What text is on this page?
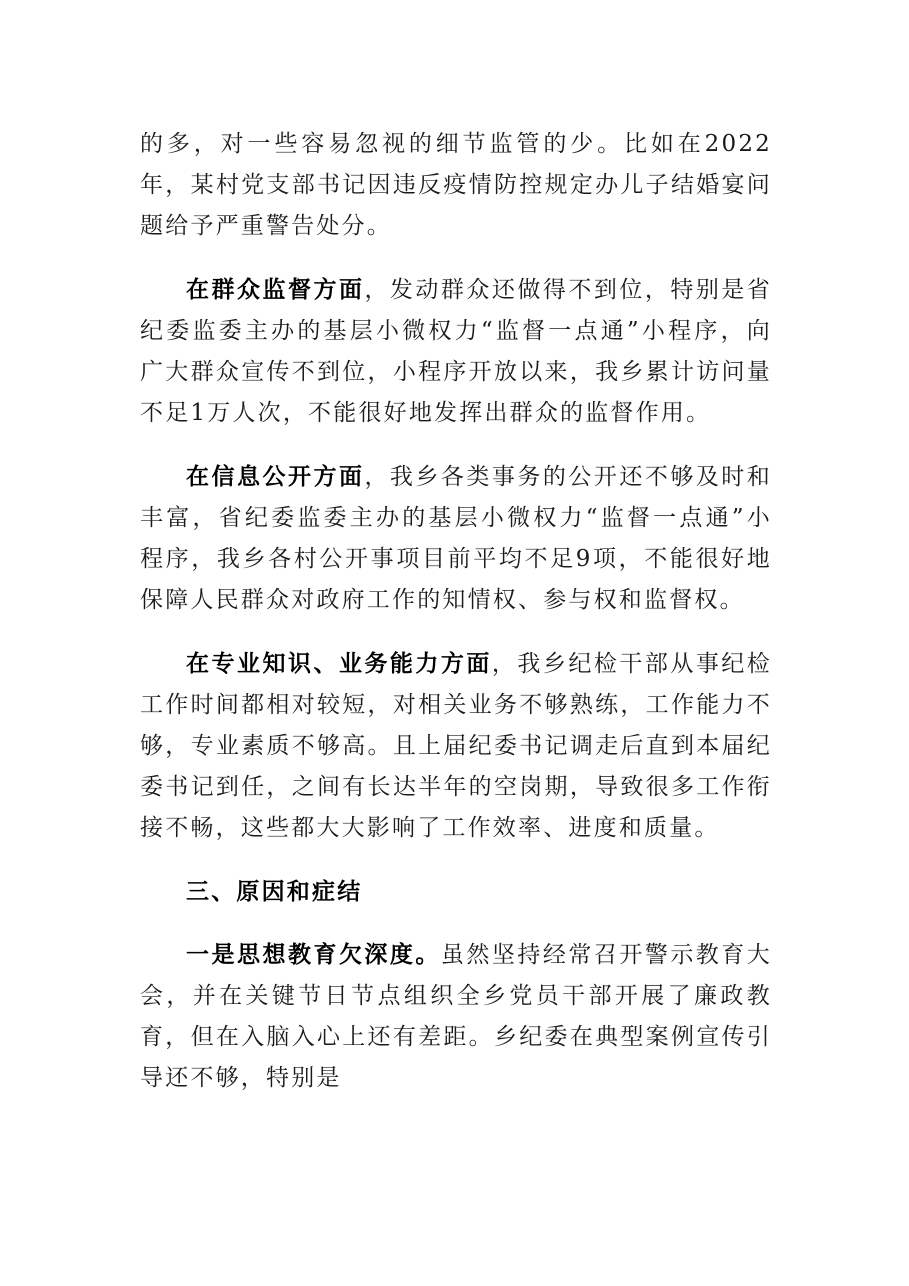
的多，对一些容易忽视的细节监管的少。比如在2022年，某村党支部书记因违反疫情防控规定办儿子结婚宴问题给予严重警告处分。

在群众监督方面，发动群众还做得不到位，特别是省纪委监委主办的基层小微权力“监督一点通”小程序，向广大群众宣传不到位，小程序开放以来，我乡累计访问量不足1万人次，不能很好地发挥出群众的监督作用。

在信息公开方面，我乡各类事务的公开还不够及时和丰富，省纪委监委主办的基层小微权力“监督一点通”小程序，我乡各村公开事项目前平均不足9项，不能很好地保障人民群众对政府工作的知情权、参与权和监督权。

在专业知识、业务能力方面，我乡纪检干部从事纪检工作时间都相对较短，对相关业务不够熟练，工作能力不够，专业素质不够高。且上届纪委书记调走后直到本届纪委书记到任，之间有长达半年的空岗期，导致很多工作衔接不畅，这些都大大影响了工作效率、进度和质量。

三、原因和症结

一是思想教育欠深度。虽然坚持经常召开警示教育大会，并在关键节日节点组织全乡党员干部开展了廉政教育，但在入脑入心上还有差距。乡纪委在典型案例宣传引导还不够，特别是
